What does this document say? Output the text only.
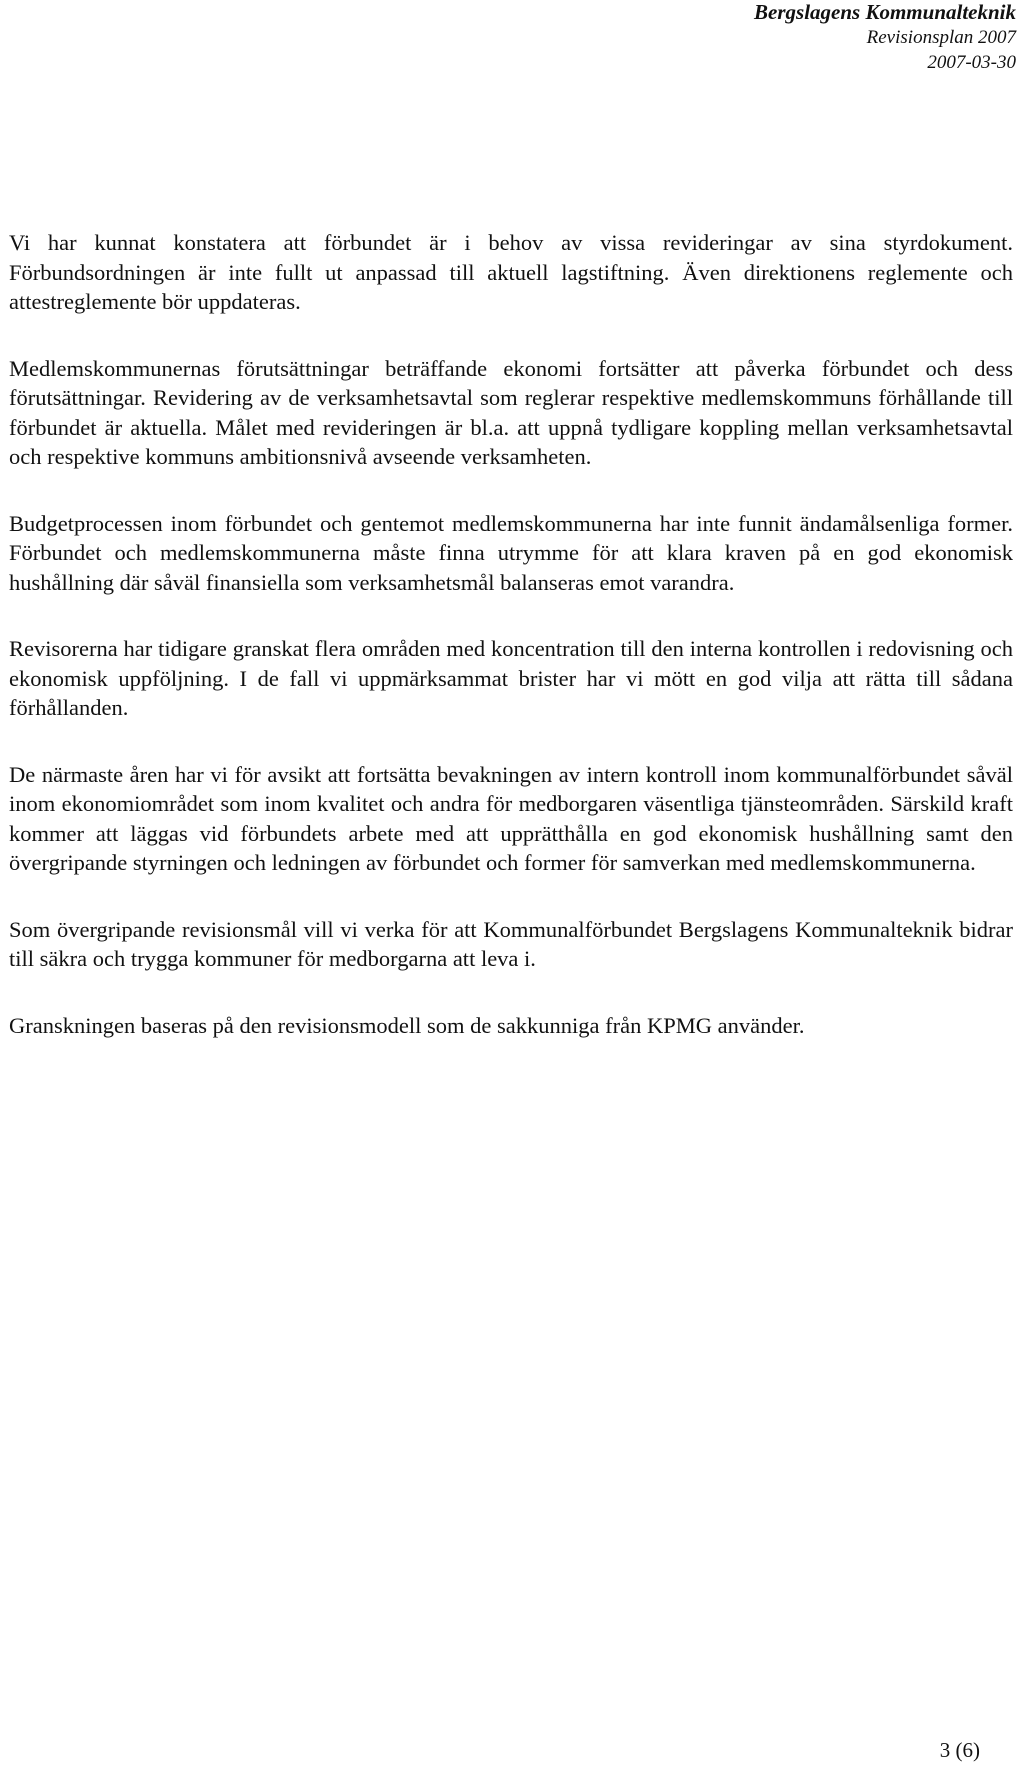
Bergslagens Kommunalteknik
Revisionsplan 2007
2007-03-30

Vi har kunnat konstatera att förbundet är i behov av vissa revideringar av sina styrdokument. Förbundsordningen är inte fullt ut anpassad till aktuell lagstiftning. Även direktionens reglemente och attestreglemente bör uppdateras.

Medlemskommunernas förutsättningar beträffande ekonomi fortsätter att påverka förbundet och dess förutsättningar. Revidering av de verksamhetsavtal som reglerar respektive medlemskommuns förhållande till förbundet är aktuella. Målet med revideringen är bl.a. att uppnå tydligare koppling mellan verksamhetsavtal och respektive kommuns ambitionsnivå avseende verksamheten.

Budgetprocessen inom förbundet och gentemot medlemskommunerna har inte funnit ändamålsenliga former. Förbundet och medlemskommunerna måste finna utrymme för att klara kraven på en god ekonomisk hushållning där såväl finansiella som verksamhetsmål balanseras emot varandra.

Revisorerna har tidigare granskat flera områden med koncentration till den interna kontrollen i redovisning och ekonomisk uppföljning. I de fall vi uppmärksammat brister har vi mött en god vilja att rätta till sådana förhållanden.

De närmaste åren har vi för avsikt att fortsätta bevakningen av intern kontroll inom kommunalförbundet såväl inom ekonomiområdet som inom kvalitet och andra för medborgaren väsentliga tjänsteområden. Särskild kraft kommer att läggas vid förbundets arbete med att upprätthålla en god ekonomisk hushållning samt den övergripande styrningen och ledningen av förbundet och former för samverkan med medlemskommunerna.

Som övergripande revisionsmål vill vi verka för att Kommunalförbundet Bergslagens Kommunalteknik bidrar till säkra och trygga kommuner för medborgarna att leva i.

Granskningen baseras på den revisionsmodell som de sakkunniga från KPMG använder.

3 (6)
